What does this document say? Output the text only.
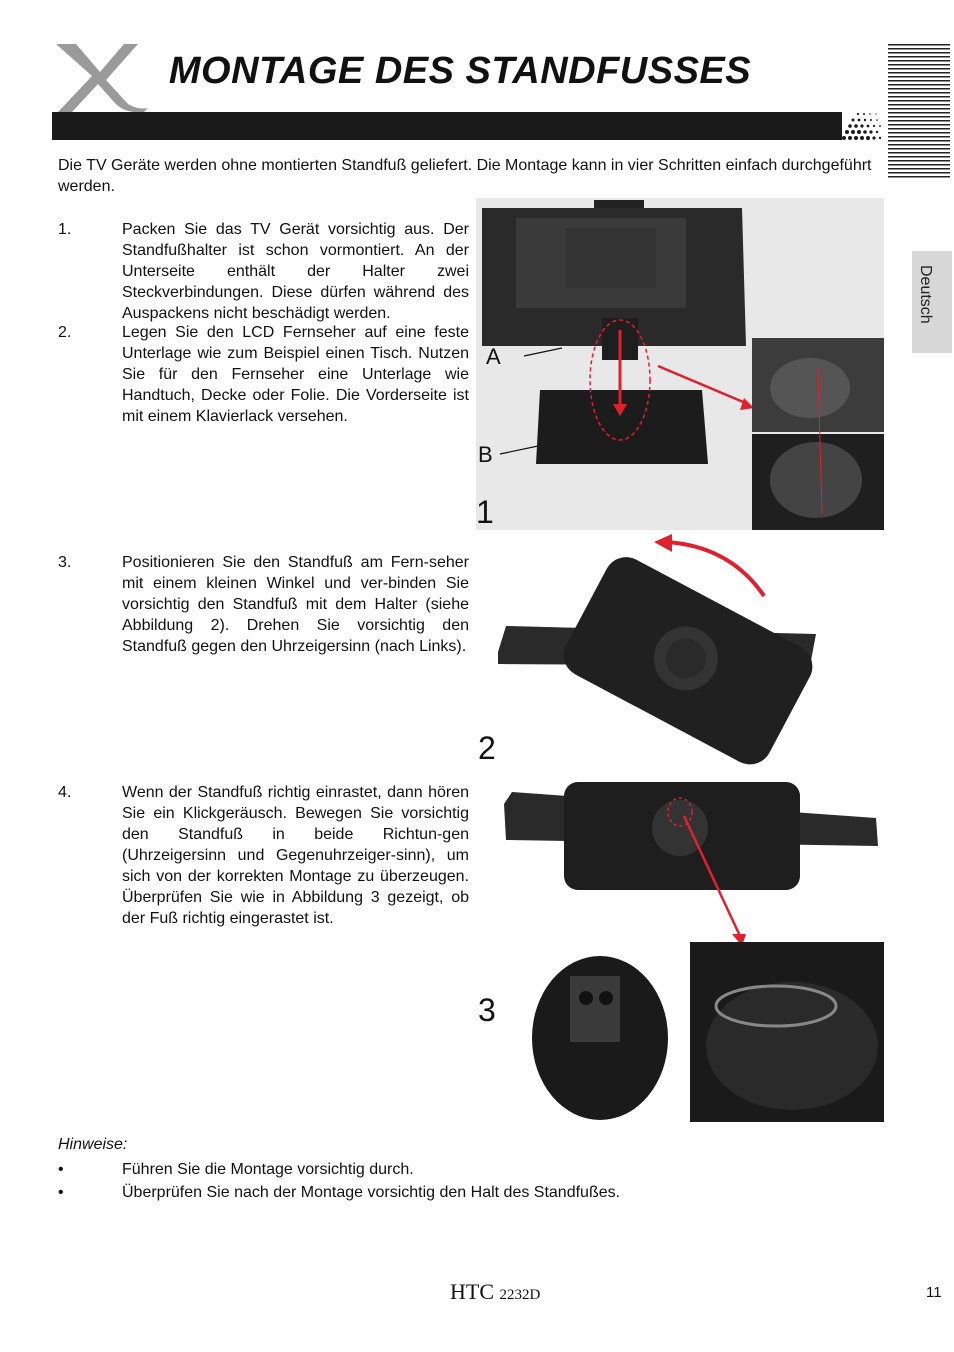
MONTAGE DES STANDFUSSES
Deutsch
Die TV Geräte werden ohne montierten Standfuß geliefert. Die Montage kann in vier Schritten einfach durchgeführt werden.
1.	Packen Sie das TV Gerät vorsichtig aus. Der Standfußhalter ist schon vormontiert. An der Unterseite enthält der Halter zwei Steckverbindungen. Diese dürfen während des Auspackens nicht beschädigt werden.
2.	Legen Sie den LCD Fernseher auf eine feste Unterlage wie zum Beispiel einen Tisch. Nutzen Sie für den Fernseher eine Unterlage wie Handtuch, Decke oder Folie. Die Vorderseite ist mit einem Klavierlack versehen.
3.	Positionieren Sie den Standfuß am Fern-seher mit einem kleinen Winkel und ver-binden Sie vorsichtig den Standfuß mit dem Halter (siehe Abbildung 2). Drehen Sie vorsichtig den Standfuß gegen den Uhrzeigersinn (nach Links).
4.	Wenn der Standfuß richtig einrastet, dann hören Sie ein Klickgeräusch. Bewegen Sie vorsichtig den Standfuß in beide Richtun-gen (Uhrzeigersinn und Gegenuhrzeiger-sinn), um sich von der korrekten Montage zu überzeugen. Überprüfen Sie wie in Abbildung 3 gezeigt, ob der Fuß richtig eingerastet ist.
A
B
1
2
3
Hinweise:
•	Führen Sie die Montage vorsichtig durch.
•	Überprüfen Sie nach der Montage vorsichtig den Halt des Standfußes.
HTC 2232D	11
